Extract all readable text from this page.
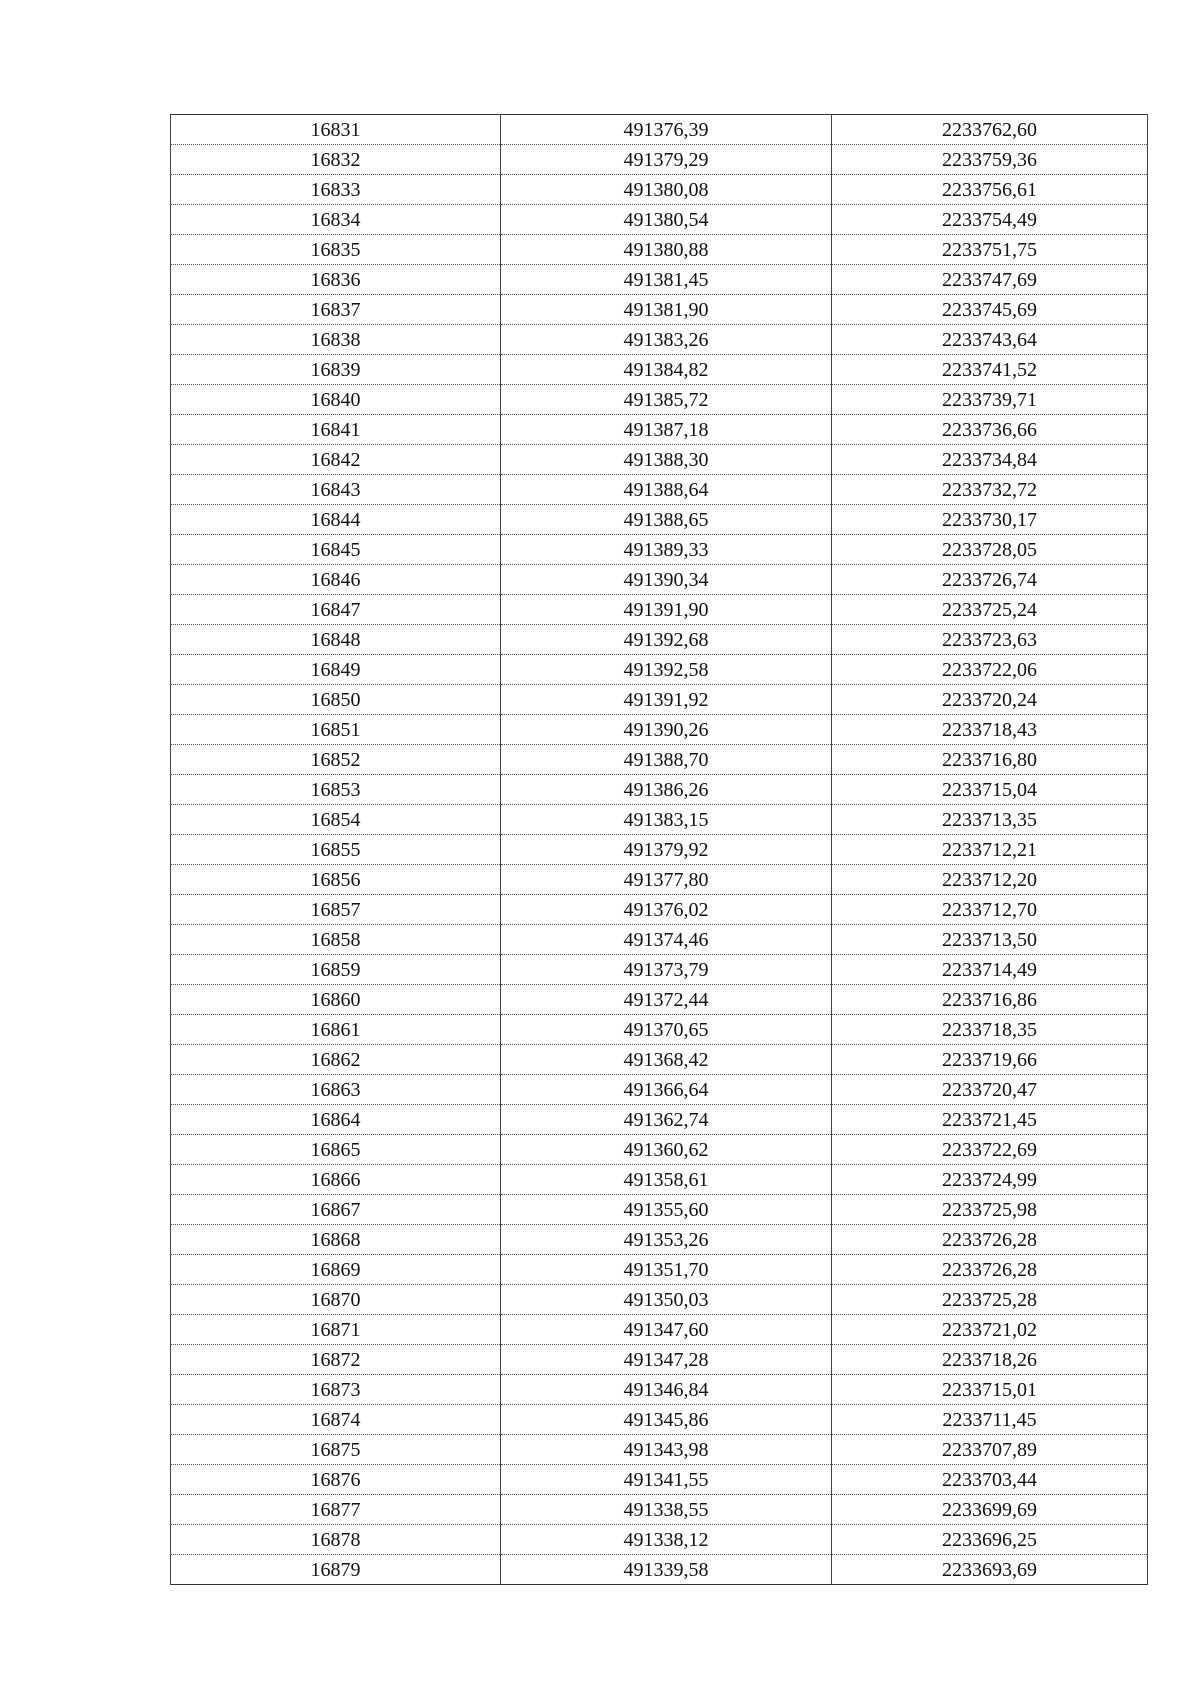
16831	491376,39	2233762,60
16832	491379,29	2233759,36
16833	491380,08	2233756,61
16834	491380,54	2233754,49
16835	491380,88	2233751,75
16836	491381,45	2233747,69
16837	491381,90	2233745,69
16838	491383,26	2233743,64
16839	491384,82	2233741,52
16840	491385,72	2233739,71
16841	491387,18	2233736,66
16842	491388,30	2233734,84
16843	491388,64	2233732,72
16844	491388,65	2233730,17
16845	491389,33	2233728,05
16846	491390,34	2233726,74
16847	491391,90	2233725,24
16848	491392,68	2233723,63
16849	491392,58	2233722,06
16850	491391,92	2233720,24
16851	491390,26	2233718,43
16852	491388,70	2233716,80
16853	491386,26	2233715,04
16854	491383,15	2233713,35
16855	491379,92	2233712,21
16856	491377,80	2233712,20
16857	491376,02	2233712,70
16858	491374,46	2233713,50
16859	491373,79	2233714,49
16860	491372,44	2233716,86
16861	491370,65	2233718,35
16862	491368,42	2233719,66
16863	491366,64	2233720,47
16864	491362,74	2233721,45
16865	491360,62	2233722,69
16866	491358,61	2233724,99
16867	491355,60	2233725,98
16868	491353,26	2233726,28
16869	491351,70	2233726,28
16870	491350,03	2233725,28
16871	491347,60	2233721,02
16872	491347,28	2233718,26
16873	491346,84	2233715,01
16874	491345,86	2233711,45
16875	491343,98	2233707,89
16876	491341,55	2233703,44
16877	491338,55	2233699,69
16878	491338,12	2233696,25
16879	491339,58	2233693,69
